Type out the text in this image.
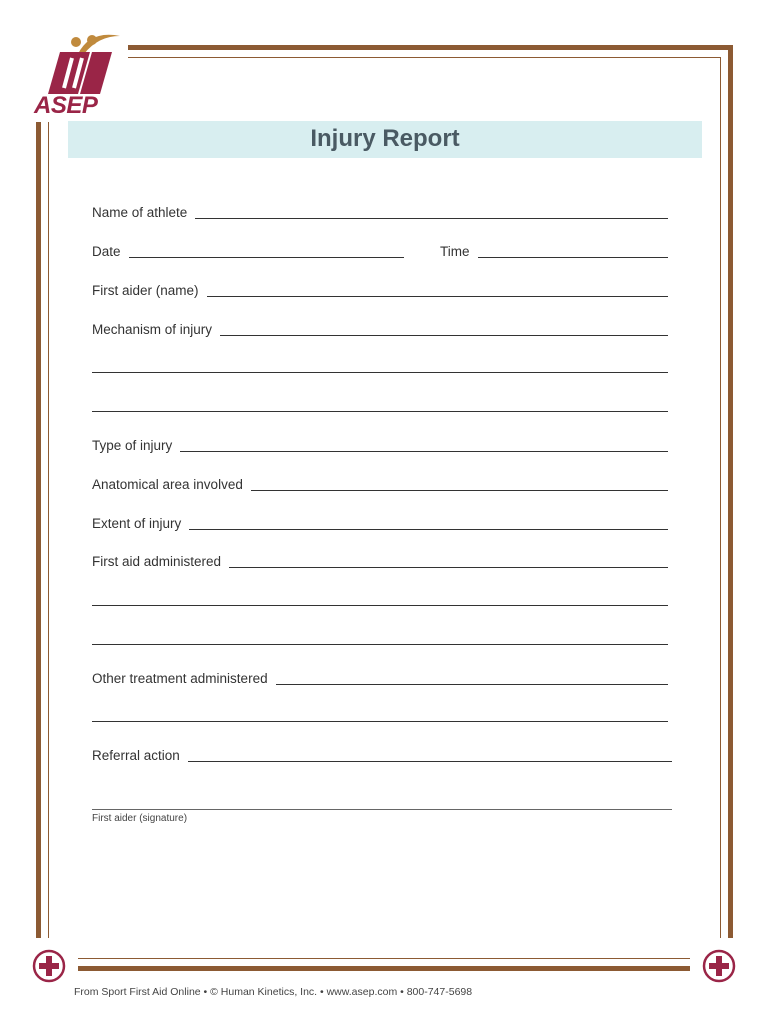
ASEP
Injury Report
Name of athlete
Date	Time
First aider (name)
Mechanism of injury
Type of injury
Anatomical area involved
Extent of injury
First aid administered
Other treatment administered
Referral action
First aider (signature)
From Sport First Aid Online • © Human Kinetics, Inc. • www.asep.com • 800-747-5698
